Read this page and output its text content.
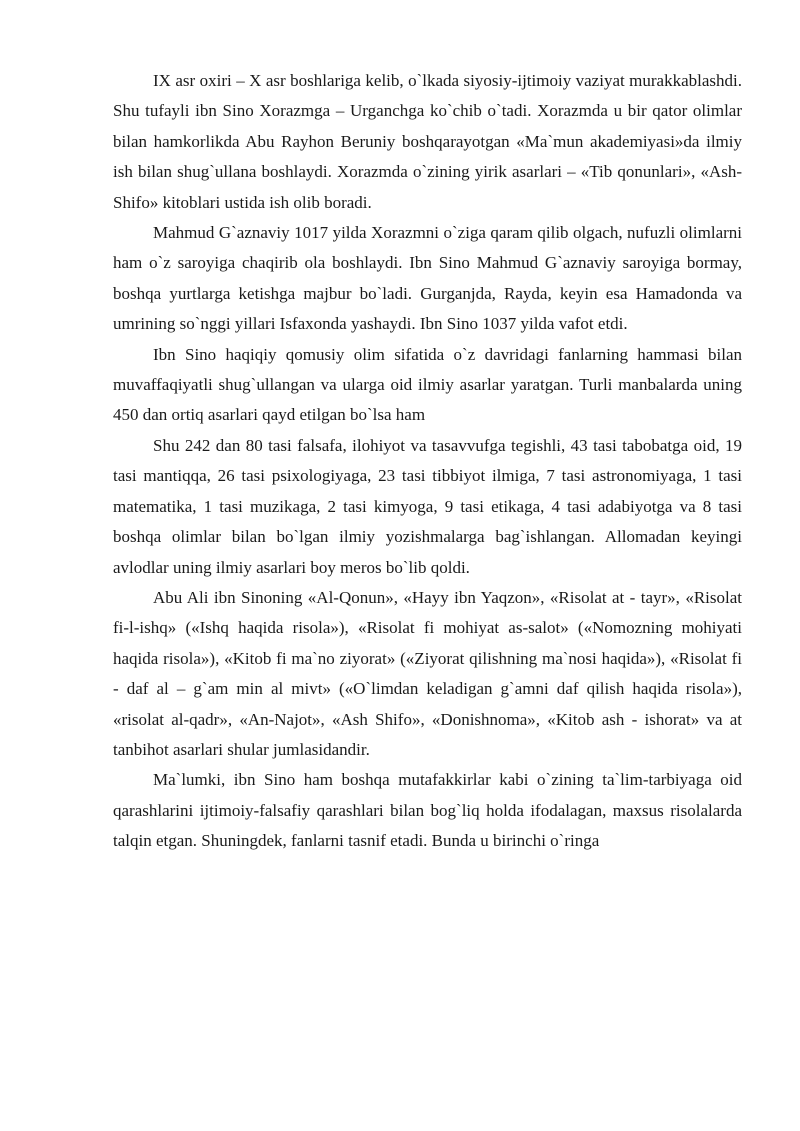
IX asr oxiri – X asr boshlariga kelib, o`lkada siyosiy-ijtimoiy vaziyat murakkablashdi. Shu tufayli ibn Sino Xorazmga – Urganchga ko`chib o`tadi. Xorazmda u bir qator olimlar bilan hamkorlikda Abu Rayhon Beruniy boshqarayotgan «Ma`mun akademiyasi»da ilmiy ish bilan shug`ullana boshlaydi. Xorazmda o`zining yirik asarlari – «Tib qonunlari», «Ash-Shifo» kitoblari ustida ish olib boradi.

Mahmud G`aznaviy 1017 yilda Xorazmni o`ziga qaram qilib olgach, nufuzli olimlarni ham o`z saroyiga chaqirib ola boshlaydi. Ibn Sino Mahmud G`aznaviy saroyiga bormay, boshqa yurtlarga ketishga majbur bo`ladi. Gurganjda, Rayda, keyin esa Hamadonda va umrining so`nggi yillari Isfaxonda yashaydi. Ibn Sino 1037 yilda vafot etdi.

Ibn Sino haqiqiy qomusiy olim sifatida o`z davridagi fanlarning hammasi bilan muvaffaqiyatli shug`ullangan va ularga oid ilmiy asarlar yaratgan. Turli manbalarda uning 450 dan ortiq asarlari qayd etilgan bo`lsa ham

Shu 242 dan 80 tasi falsafa, ilohiyot va tasavvufga tegishli, 43 tasi tabobatga oid, 19 tasi mantiqqa, 26 tasi psixologiyaga, 23 tasi tibbiyot ilmiga, 7 tasi astronomiyaga, 1 tasi matematika, 1 tasi muzikaga, 2 tasi kimyoga, 9 tasi etikaga, 4 tasi adabiyotga va 8 tasi boshqa olimlar bilan bo`lgan ilmiy yozishmalarga bag`ishlangan. Allomadan keyingi avlodlar uning ilmiy asarlari boy meros bo`lib qoldi.

Abu Ali ibn Sinoning «Al-Qonun», «Hayy ibn Yaqzon», «Risolat at - tayr», «Risolat fi-l-ishq» («Ishq haqida risola»), «Risolat fi mohiyat as-salot» («Nomozning mohiyati haqida risola»), «Kitob fi ma`no ziyorat» («Ziyorat qilishning ma`nosi haqida»), «Risolat fi - daf al – g`am min al mivt» («O`limdan keladigan g`amni daf qilish haqida risola»), «risolat al-qadr», «An-Najot», «Ash Shifo», «Donishnoma», «Kitob ash - ishorat» va at tanbihot asarlari shular jumlasidandir.

Ma`lumki, ibn Sino ham boshqa mutafakkirlar kabi o`zining ta`lim-tarbiyaga oid qarashlarini ijtimoiy-falsafiy qarashlari bilan bog`liq holda ifodalagan, maxsus risolalarda talqin etgan. Shuningdek, fanlarni tasnif etadi. Bunda u birinchi o`ringa
